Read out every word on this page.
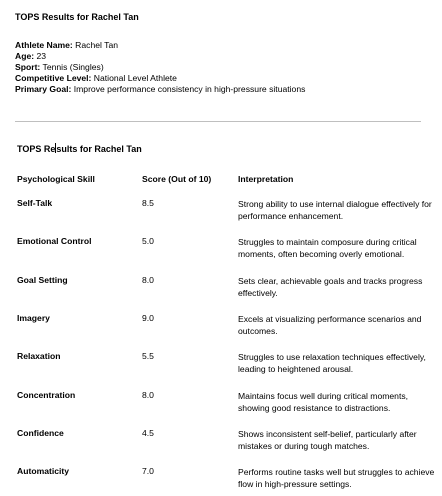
TOPS Results for Rachel Tan
Athlete Name: Rachel Tan
Age: 23
Sport: Tennis (Singles)
Competitive Level: National Level Athlete
Primary Goal: Improve performance consistency in high-pressure situations
TOPS Results for Rachel Tan
Psychological Skill	Score (Out of 10)	Interpretation
Self-Talk	8.5	Strong ability to use internal dialogue effectively for performance enhancement.
Emotional Control	5.0	Struggles to maintain composure during critical moments, often becoming overly emotional.
Goal Setting	8.0	Sets clear, achievable goals and tracks progress effectively.
Imagery	9.0	Excels at visualizing performance scenarios and outcomes.
Relaxation	5.5	Struggles to use relaxation techniques effectively, leading to heightened arousal.
Concentration	8.0	Maintains focus well during critical moments, showing good resistance to distractions.
Confidence	4.5	Shows inconsistent self-belief, particularly after mistakes or during tough matches.
Automaticity	7.0	Performs routine tasks well but struggles to achieve flow in high-pressure settings.
